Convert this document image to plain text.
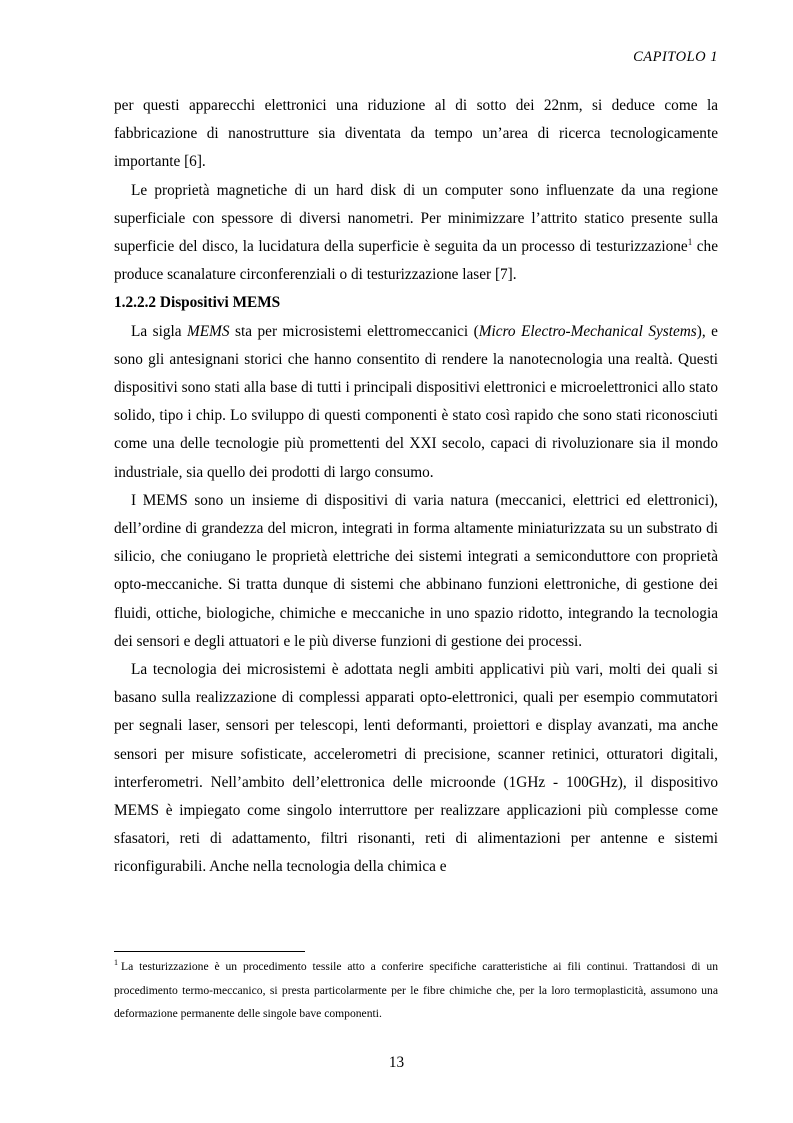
CAPITOLO 1

per questi apparecchi elettronici una riduzione al di sotto dei 22nm, si deduce come la fabbricazione di nanostrutture sia diventata da tempo un’area di ricerca tecnologicamente importante [6].

Le proprietà magnetiche di un hard disk di un computer sono influenzate da una regione superficiale con spessore di diversi nanometri. Per minimizzare l’attrito statico presente sulla superficie del disco, la lucidatura della superficie è seguita da un processo di testurizzazione$^1$ che produce scanalature circonferenziali o di testurizzazione laser [7].

1.2.2.2 Dispositivi MEMS

La sigla MEMS sta per microsistemi elettromeccanici (Micro Electro-Mechanical Systems), e sono gli antesignani storici che hanno consentito di rendere la nanotecnologia una realtà. Questi dispositivi sono stati alla base di tutti i principali dispositivi elettronici e microelettronici allo stato solido, tipo i chip. Lo sviluppo di questi componenti è stato così rapido che sono stati riconosciuti come una delle tecnologie più promettenti del XXI secolo, capaci di rivoluzionare sia il mondo industriale, sia quello dei prodotti di largo consumo.

I MEMS sono un insieme di dispositivi di varia natura (meccanici, elettrici ed elettronici), dell’ordine di grandezza del micron, integrati in forma altamente miniaturizzata su un substrato di silicio, che coniugano le proprietà elettriche dei sistemi integrati a semiconduttore con proprietà opto-meccaniche. Si tratta dunque di sistemi che abbinano funzioni elettroniche, di gestione dei fluidi, ottiche, biologiche, chimiche e meccaniche in uno spazio ridotto, integrando la tecnologia dei sensori e degli attuatori e le più diverse funzioni di gestione dei processi.

La tecnologia dei microsistemi è adottata negli ambiti applicativi più vari, molti dei quali si basano sulla realizzazione di complessi apparati opto-elettronici, quali per esempio commutatori per segnali laser, sensori per telescopi, lenti deformanti, proiettori e display avanzati, ma anche sensori per misure sofisticate, accelerometri di precisione, scanner retinici, otturatori digitali, interferometri. Nell’ambito dell’elettronica delle microonde (1GHz - 100GHz), il dispositivo MEMS è impiegato come singolo interruttore per realizzare applicazioni più complesse come sfasatori, reti di adattamento, filtri risonanti, reti di alimentazioni per antenne e sistemi riconfigurabili. Anche nella tecnologia della chimica e

$^1$ La testurizzazione è un procedimento tessile atto a conferire specifiche caratteristiche ai fili continui. Trattandosi di un procedimento termo-meccanico, si presta particolarmente per le fibre chimiche che, per la loro termoplasticità, assumono una deformazione permanente delle singole bave componenti.
13
